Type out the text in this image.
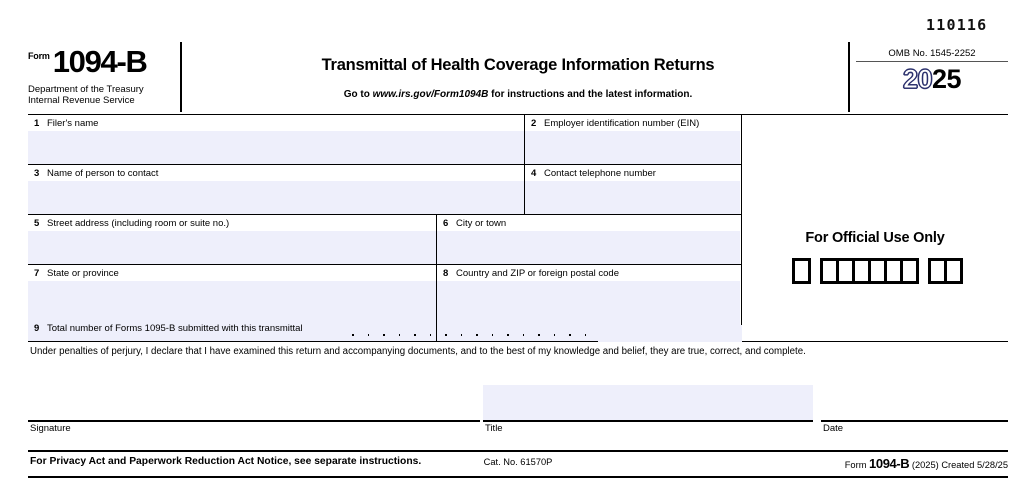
110116
Form1094-B
Department of the Treasury
Internal Revenue Service
Transmittal of Health Coverage Information Returns
Go to www.irs.gov/Form1094B for instructions and the latest information.
OMB No. 1545-2252
2025
1 Filer's name	2 Employer identification number (EIN)
3 Name of person to contact	4 Contact telephone number
5 Street address (including room or suite no.)	6 City or town
7 State or province	8 Country and ZIP or foreign postal code
For Official Use Only
9 Total number of Forms 1095-B submitted with this transmittal
Under penalties of perjury, I declare that I have examined this return and accompanying documents, and to the best of my knowledge and belief, they are true, correct, and complete.
Signature	Title	Date
For Privacy Act and Paperwork Reduction Act Notice, see separate instructions.	Cat. No. 61570P	Form 1094-B (2025) Created 5/28/25
